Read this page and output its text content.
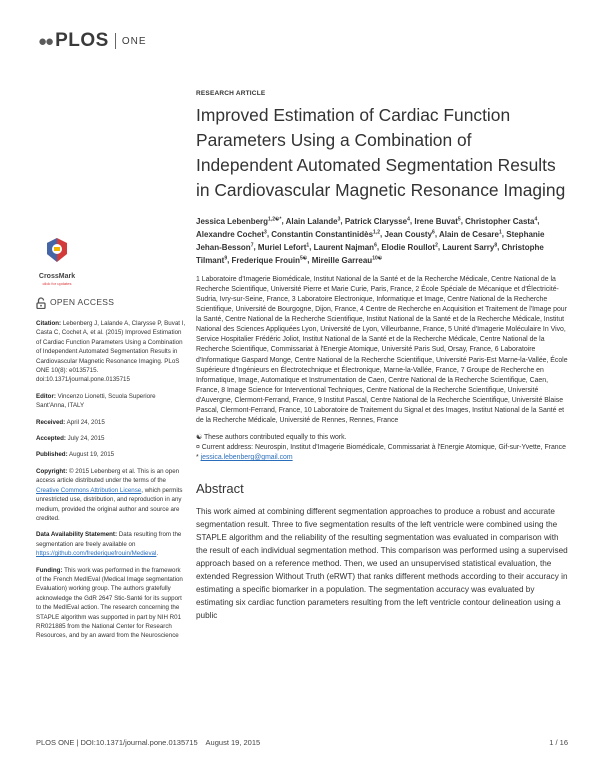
●● PLOS ONE
CrossMark
click for updates
OPEN ACCESS

Citation: Lebenberg J, Lalande A, Clarysse P, Buvat I, Casta C, Cochet A, et al. (2015) Improved Estimation of Cardiac Function Parameters Using a Combination of Independent Automated Segmentation Results in Cardiovascular Magnetic Resonance Imaging. PLoS ONE 10(8): e0135715. doi:10.1371/journal.pone.0135715

Editor: Vincenzo Lionetti, Scuola Superiore Sant'Anna, ITALY

Received: April 24, 2015

Accepted: July 24, 2015

Published: August 19, 2015

Copyright: © 2015 Lebenberg et al. This is an open access article distributed under the terms of the Creative Commons Attribution License, which permits unrestricted use, distribution, and reproduction in any medium, provided the original author and source are credited.

Data Availability Statement: Data resulting from the segmentation are freely available on https://github.com/frederiquefrouin/Medieval.

Funding: This work was performed in the framework of the French MedIEval (Medical Image segmentation Evaluation) working group. The authors gratefully acknowledge the GdR 2647 Stic-Santé for its support to the MedIEval action. The research concerning the STAPLE algorithm was supported in part by NIH R01 RR021885 from the National Center for Research Resources, and by an award from the Neuroscience

RESEARCH ARTICLE
Improved Estimation of Cardiac Function Parameters Using a Combination of Independent Automated Segmentation Results in Cardiovascular Magnetic Resonance Imaging
Jessica Lebenberg$^{1,2☯*}$, Alain Lalande$^3$, Patrick Clarysse$^4$, Irene Buvat$^5$, Christopher Casta$^4$, Alexandre Cochet$^3$, Constantin Constantinidès$^{1,2}$, Jean Cousty$^6$, Alain de Cesare$^1$, Stephanie Jehan-Besson$^7$, Muriel Lefort$^1$, Laurent Najman$^6$, Elodie Roullot$^2$, Laurent Sarry$^8$, Christophe Tilmant$^9$, Frederique Frouin$^{5☯}$, Mireille Garreau$^{10☯}$
1 Laboratoire d'Imagerie Biomédicale, Institut National de la Santé et de la Recherche Médicale, Centre National de la Recherche Scientifique, Université Pierre et Marie Curie, Paris, France, 2 École Spéciale de Mécanique et d'Électricité-Sudria, Ivry-sur-Seine, France, 3 Laboratoire Electronique, Informatique et Image, Centre National de la Recherche Scientifique, Université de Bourgogne, Dijon, France, 4 Centre de Recherche en Acquisition et Traitement de l'Image pour la Santé, Centre National de la Recherche Scientifique, Institut National de la Santé et de la Recherche Médicale, Institut National des Sciences Appliquées Lyon, Université de Lyon, Villeurbanne, France, 5 Unité d'Imagerie Moléculaire In Vivo, Service Hospitalier Frédéric Joliot, Institut National de la Santé et de la Recherche Médicale, Centre National de la Recherche Scientifique, Commissariat à l'Energie Atomique, Université Paris Sud, Orsay, France, 6 Laboratoire d'Informatique Gaspard Monge, Centre National de la Recherche Scientifique, Université Paris-Est Marne-la-Vallée, École Supérieure d'Ingénieurs en Électrotechnique et Électronique, Marne-la-Vallée, France, 7 Groupe de Recherche en Informatique, Image, Automatique et Instrumentation de Caen, Centre National de la Recherche Scientifique, Caen, France, 8 Image Science for Interventional Techniques, Centre National de la Recherche Scientifique, Université d'Auvergne, Clermont-Ferrand, France, 9 Institut Pascal, Centre National de la Recherche Scientifique, Université Blaise Pascal, Clermont-Ferrand, France, 10 Laboratoire de Traitement du Signal et des Images, Institut National de la Santé et de la Recherche Médicale, Université de Rennes, Rennes, France
☯ These authors contributed equally to this work.
¤ Current address: Neurospin, Institut d'Imagerie Biomédicale, Commissariat à l'Energie Atomique, Gif-sur-Yvette, France
* jessica.lebenberg@gmail.com
Abstract
This work aimed at combining different segmentation approaches to produce a robust and accurate segmentation result. Three to five segmentation results of the left ventricle were combined using the STAPLE algorithm and the reliability of the resulting segmentation was evaluated in comparison with the result of each individual segmentation method. This comparison was performed using a supervised approach based on a reference method. Then, we used an unsupervised statistical evaluation, the extended Regression Without Truth (eRWT) that ranks different methods according to their accuracy in estimating a specific biomarker in a population. The segmentation accuracy was evaluated by estimating six cardiac function parameters resulting from the left ventricle contour delineation using a public
PLOS ONE | DOI:10.1371/journal.pone.0135715    August 19, 2015	1 / 16
